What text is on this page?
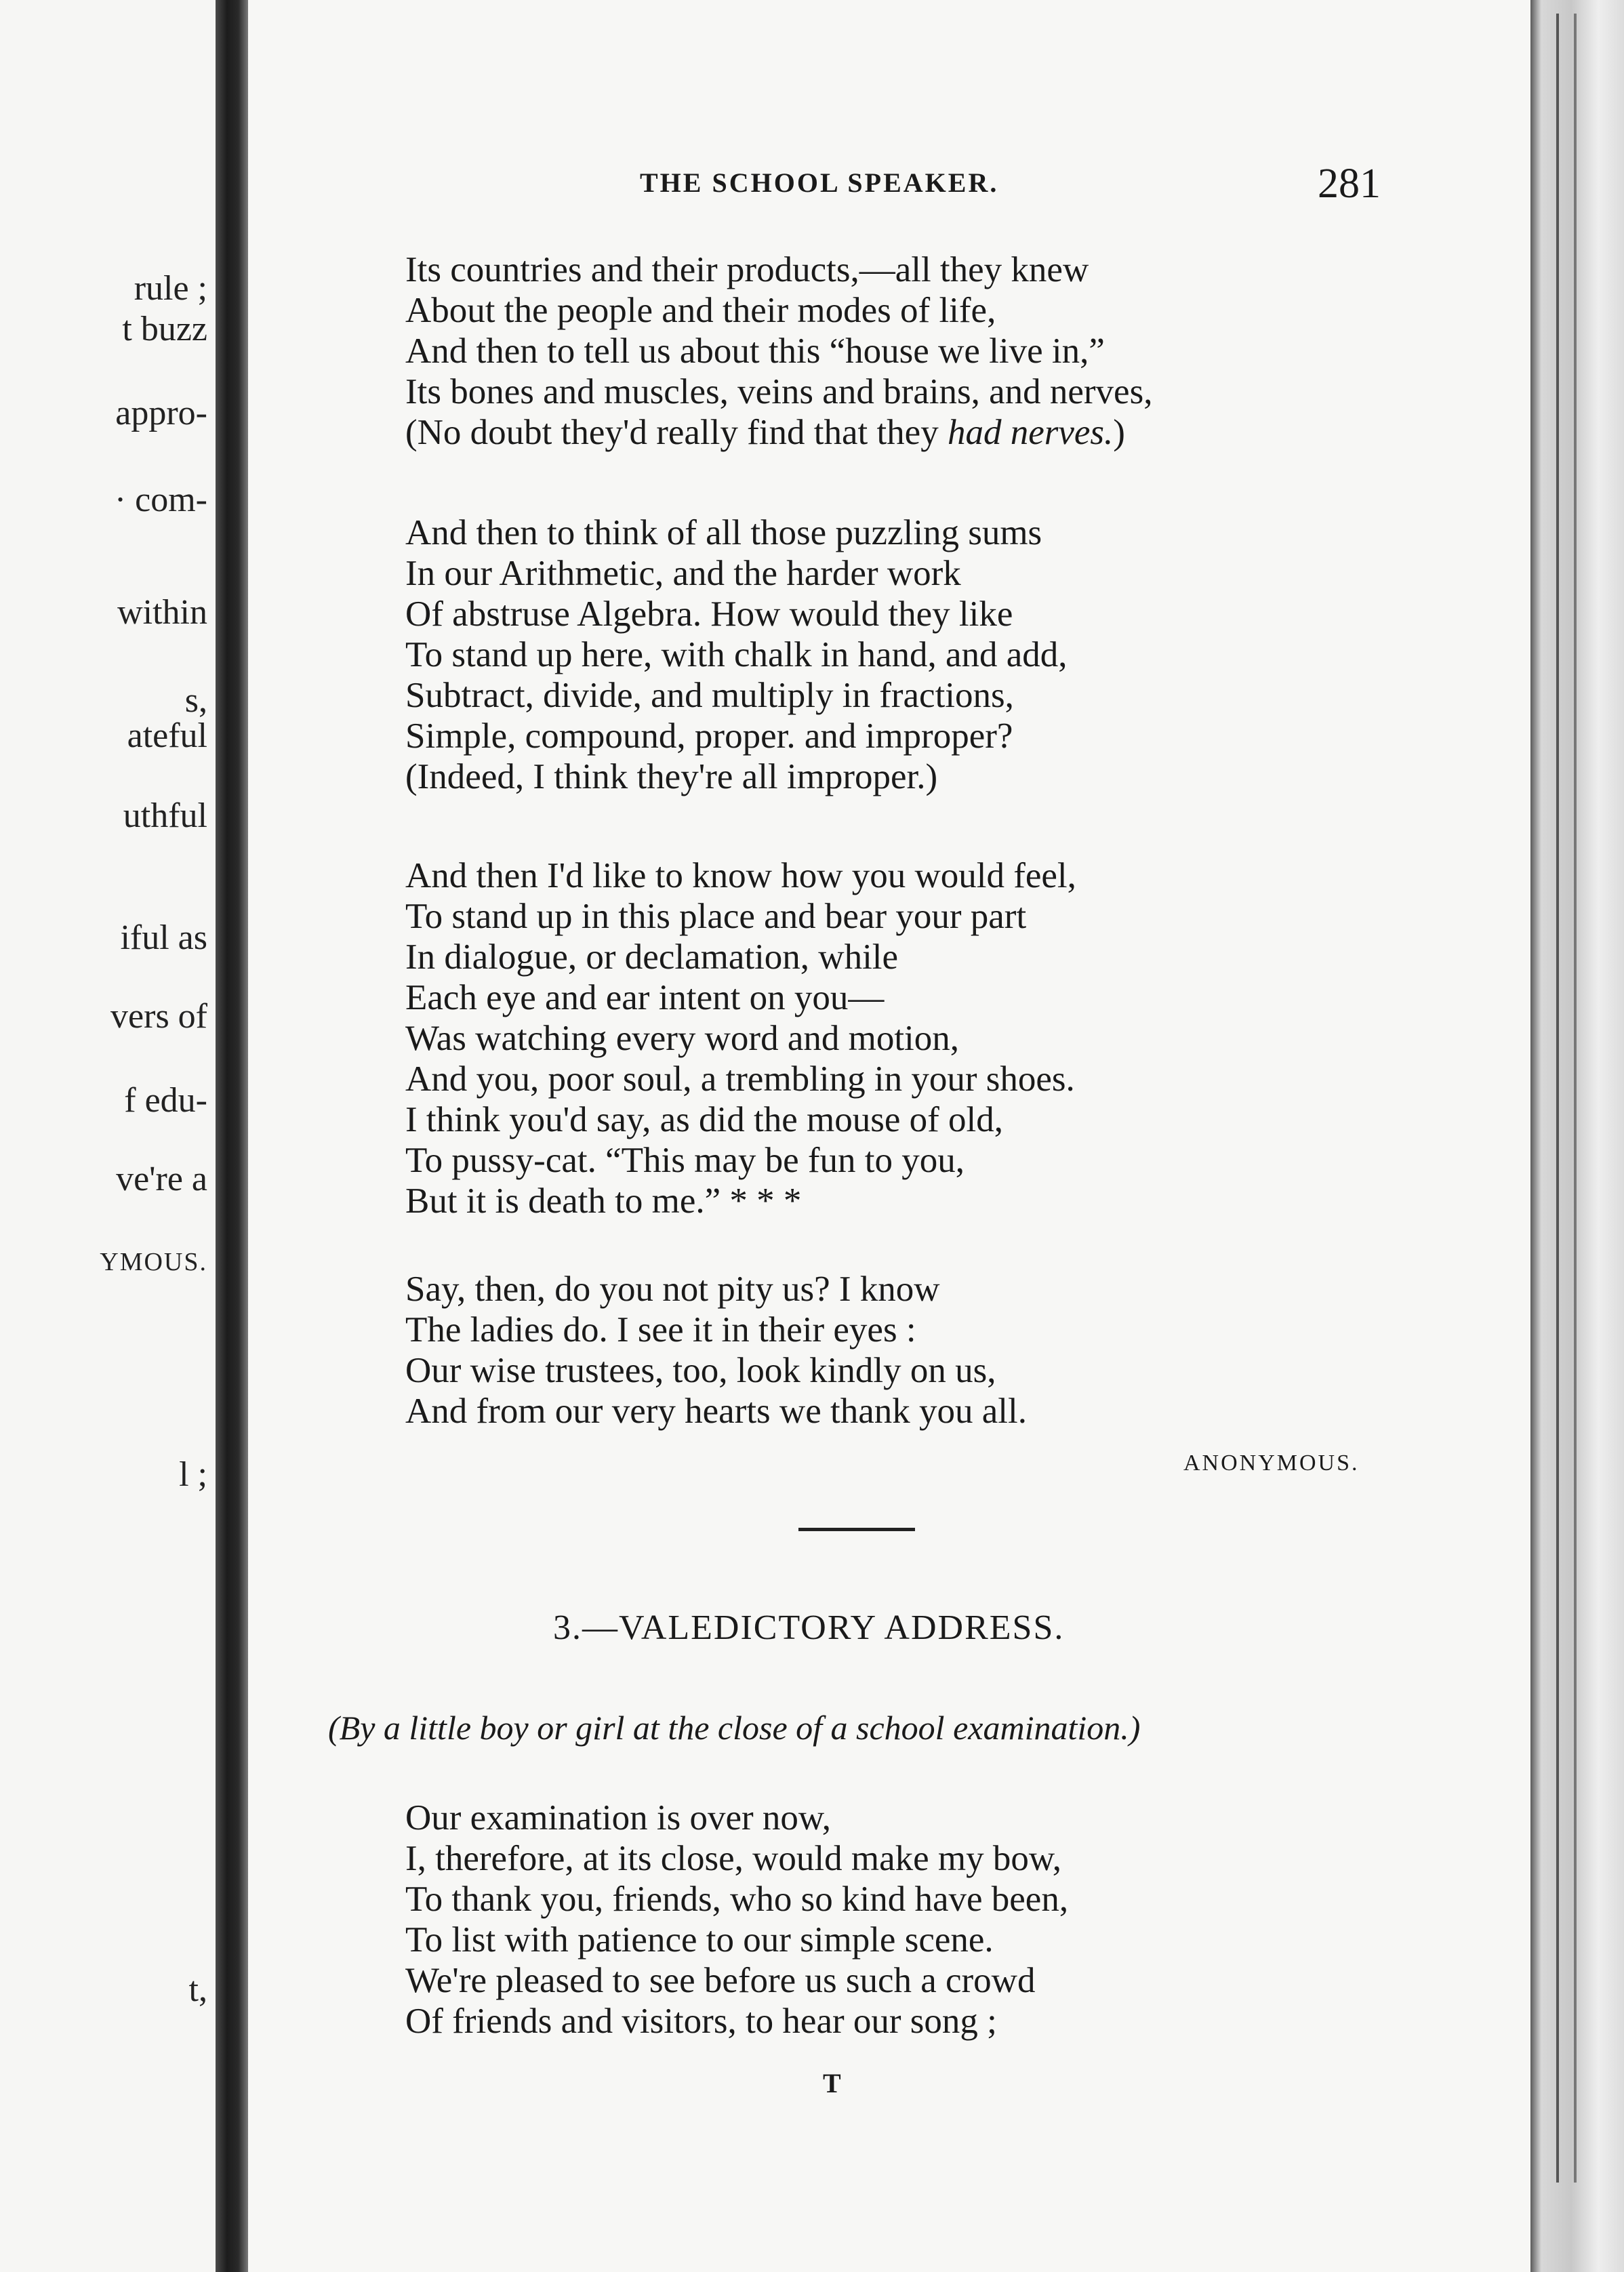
rule ;
t buzz
appro-
· com-
within
s,
ateful
uthful
iful as
vers of
f edu-
ve're a
YMOUS.
l ;
t,
THE SCHOOL SPEAKER.	281
Its countries and their products,—all they knew
About the people and their modes of life,
And then to tell us about this “house we live in,”
Its bones and muscles, veins and brains, and nerves,
(No doubt they'd really find that they had nerves.)
And then to think of all those puzzling sums
In our Arithmetic, and the harder work
Of abstruse Algebra. How would they like
To stand up here, with chalk in hand, and add,
Subtract, divide, and multiply in fractions,
Simple, compound, proper. and improper?
(Indeed, I think they're all improper.)
And then I'd like to know how you would feel,
To stand up in this place and bear your part
In dialogue, or declamation, while
Each eye and ear intent on you—
Was watching every word and motion,
And you, poor soul, a trembling in your shoes.
I think you'd say, as did the mouse of old,
To pussy-cat. “This may be fun to you,
But it is death to me.” * * *
Say, then, do you not pity us? I know
The ladies do. I see it in their eyes :
Our wise trustees, too, look kindly on us,
And from our very hearts we thank you all.
ANONYMOUS.
3.—VALEDICTORY ADDRESS.
(By a little boy or girl at the close of a school examination.)
Our examination is over now,
I, therefore, at its close, would make my bow,
To thank you, friends, who so kind have been,
To list with patience to our simple scene.
We're pleased to see before us such a crowd
Of friends and visitors, to hear our song ;
T
